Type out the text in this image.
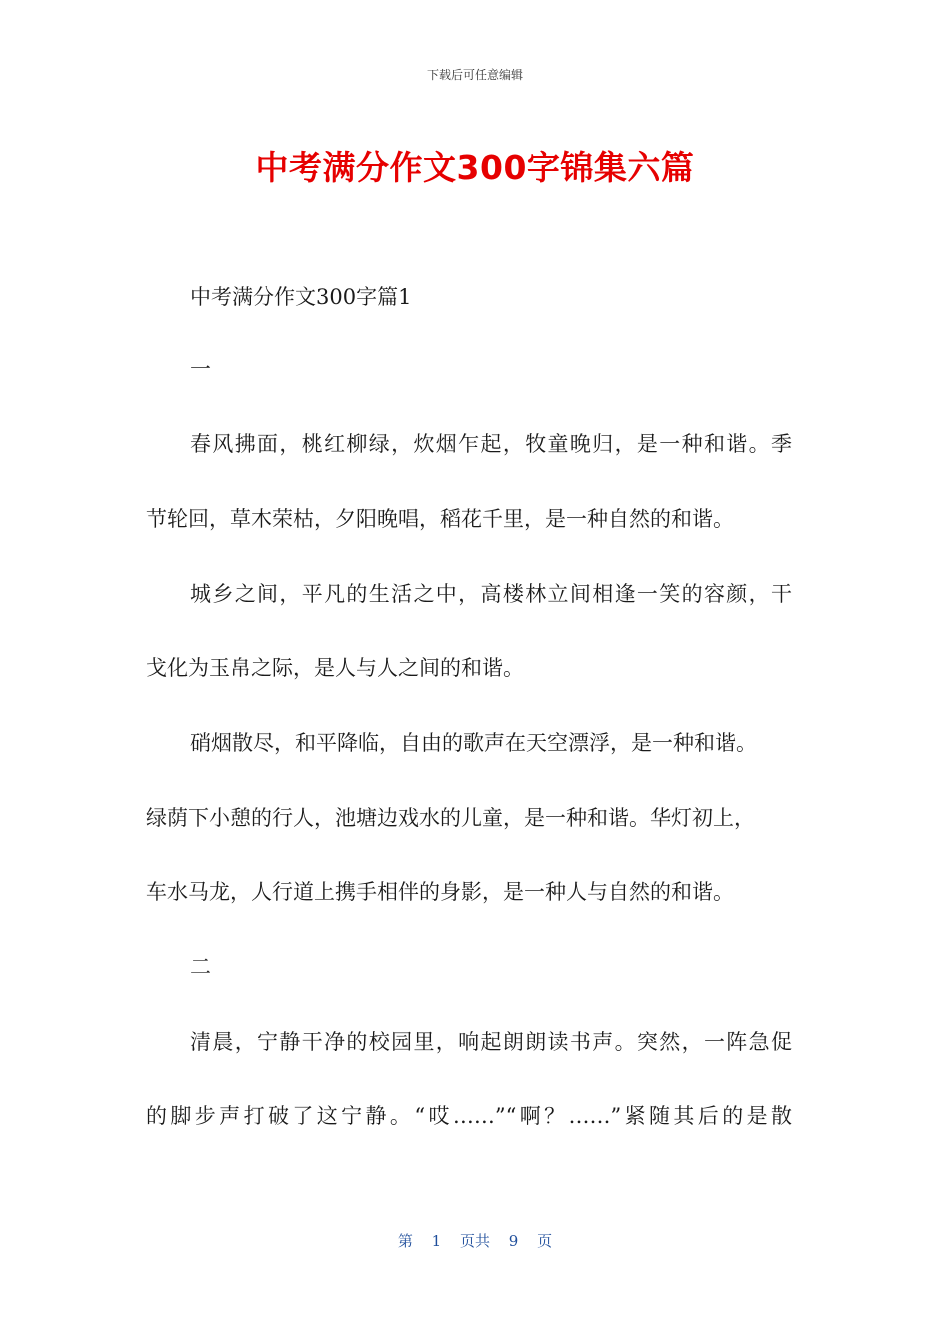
下载后可任意编辑
中考满分作文300字锦集六篇
中考满分作文300字篇1
一
春风拂面，桃红柳绿，炊烟乍起，牧童晚归，是一种和谐。季
节轮回，草木荣枯，夕阳晚唱，稻花千里，是一种自然的和谐。
城乡之间，平凡的生活之中，高楼林立间相逢一笑的容颜，干
戈化为玉帛之际，是人与人之间的和谐。
硝烟散尽，和平降临，自由的歌声在天空漂浮，是一种和谐。
绿荫下小憩的行人，池塘边戏水的儿童，是一种和谐。华灯初上，
车水马龙，人行道上携手相伴的身影，是一种人与自然的和谐。
二
清晨，宁静干净的校园里，响起朗朗读书声。突然，一阵急促
的脚步声打破了这宁静。“哎……”“啊？……”紧随其后的是散
第 1 页共 9 页
